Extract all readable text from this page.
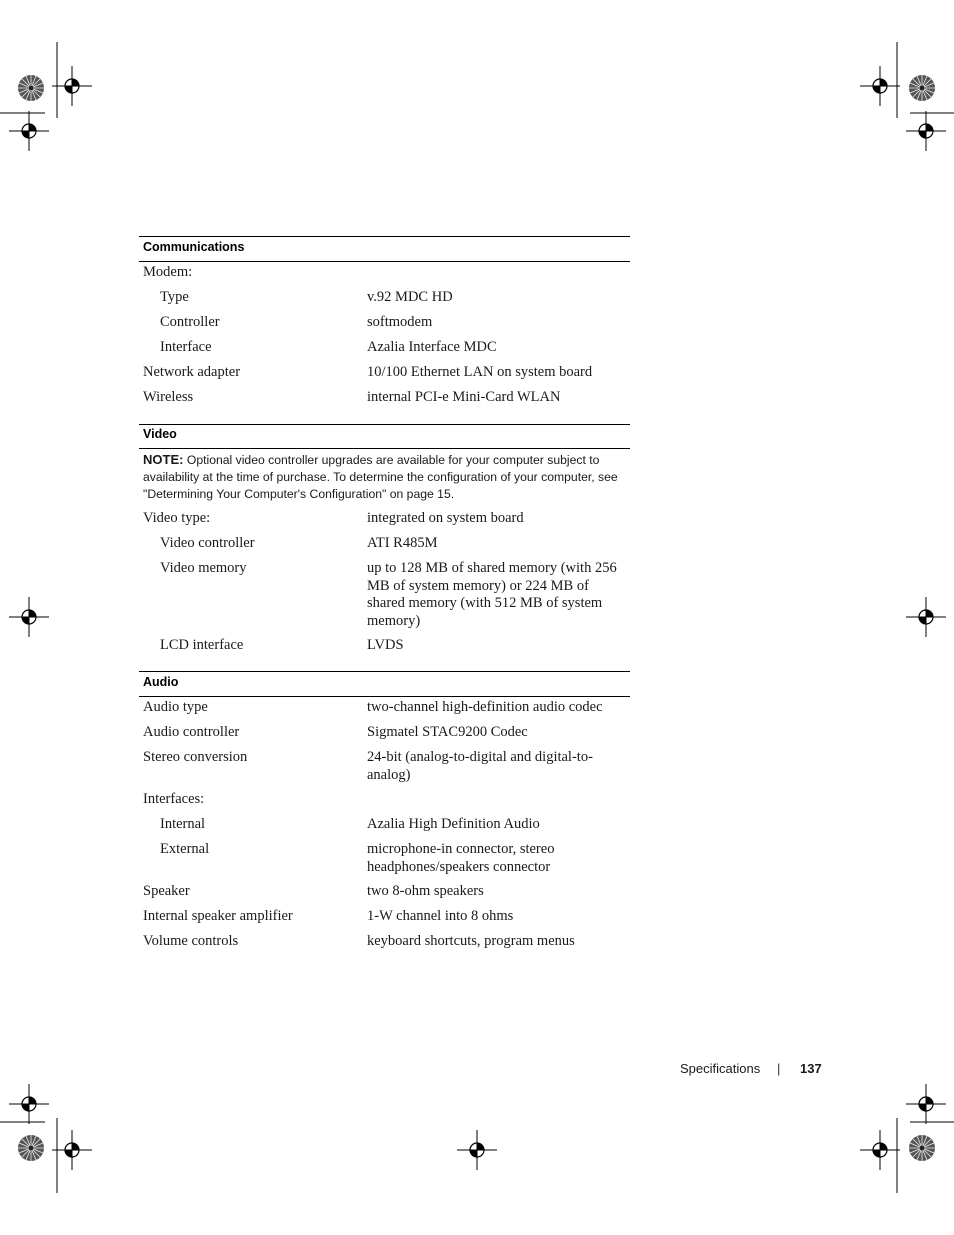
Communications
Modem:
Type	v.92 MDC HD
Controller	softmodem
Interface	Azalia Interface MDC
Network adapter	10/100 Ethernet LAN on system board
Wireless	internal PCI-e Mini-Card WLAN
Video
NOTE: Optional video controller upgrades are available for your computer subject to availability at the time of purchase. To determine the configuration of your computer, see "Determining Your Computer's Configuration" on page 15.
Video type:	integrated on system board
Video controller	ATI R485M
Video memory	up to 128 MB of shared memory (with 256 MB of system memory) or 224 MB of shared memory (with 512 MB of system memory)
LCD interface	LVDS
Audio
Audio type	two-channel high-definition audio codec
Audio controller	Sigmatel STAC9200 Codec
Stereo conversion	24-bit (analog-to-digital and digital-to-analog)
Interfaces:
Internal	Azalia High Definition Audio
External	microphone-in connector, stereo headphones/speakers connector
Speaker	two 8-ohm speakers
Internal speaker amplifier	1-W channel into 8 ohms
Volume controls	keyboard shortcuts, program menus
Specifications | 137
